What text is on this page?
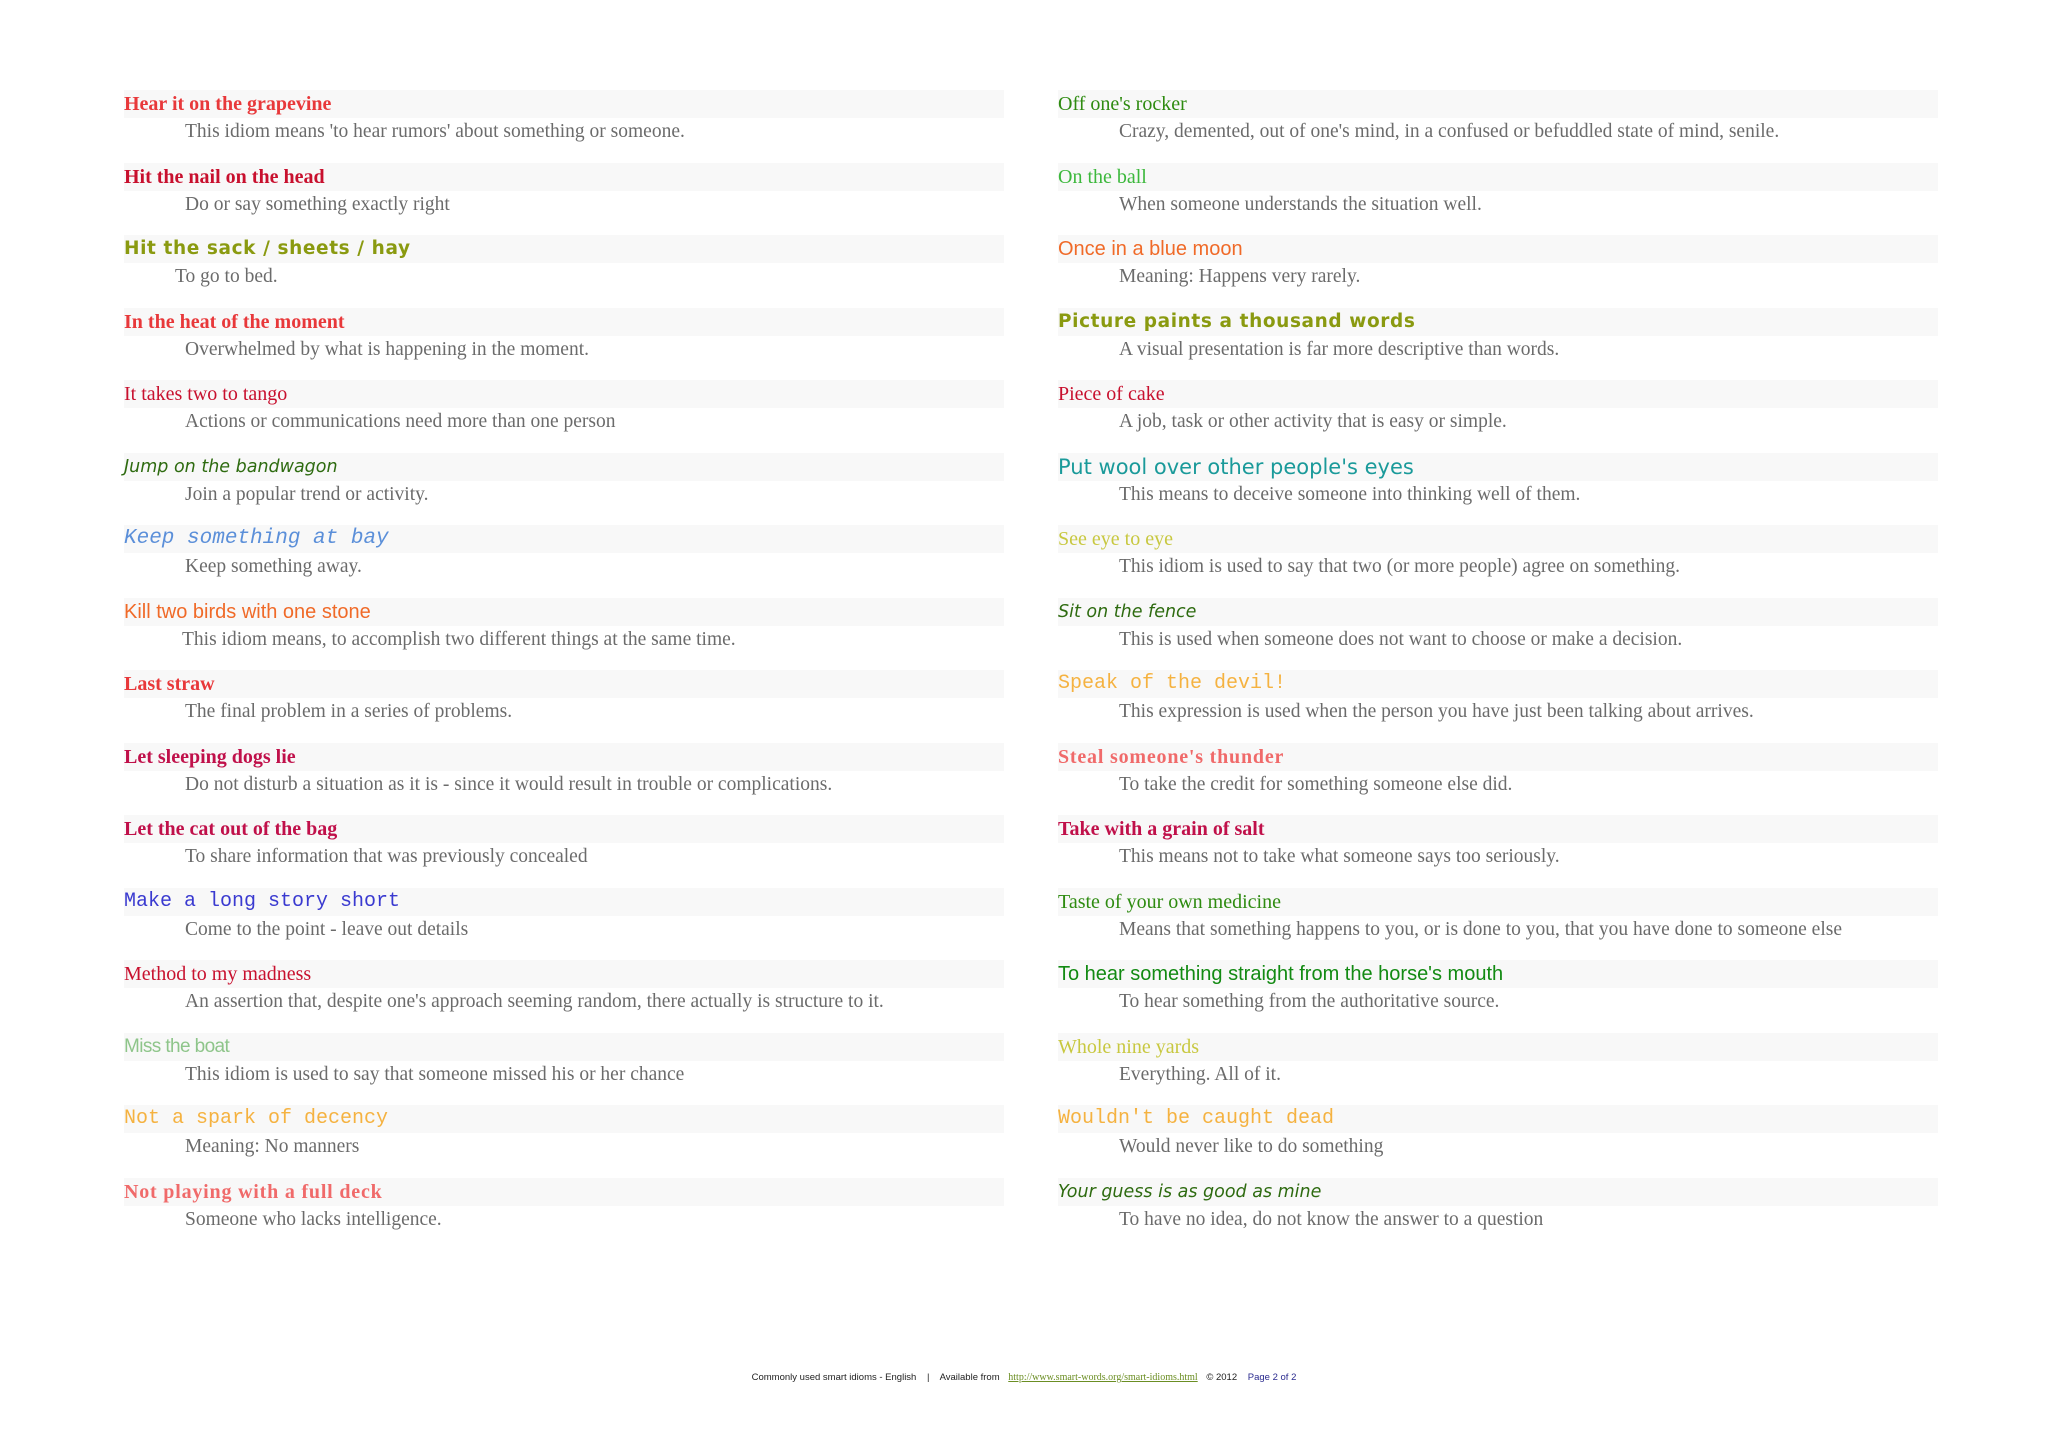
Hear it on the grapevine
This idiom means 'to hear rumors' about something or someone.
Hit the nail on the head
Do or say something exactly right
Hit the sack / sheets / hay
To go to bed.
In the heat of the moment
Overwhelmed by what is happening in the moment.
It takes two to tango
Actions or communications need more than one person
Jump on the bandwagon
Join a popular trend or activity.
Keep something at bay
Keep something away.
Kill two birds with one stone
This idiom means, to accomplish two different things at the same time.
Last straw
The final problem in a series of problems.
Let sleeping dogs lie
Do not disturb a situation as it is - since it would result in trouble or complications.
Let the cat out of the bag
To share information that was previously concealed
Make a long story short
Come to the point - leave out details
Method to my madness
An assertion that, despite one's approach seeming random, there actually is structure to it.
Miss the boat
This idiom is used to say that someone missed his or her chance
Not a spark of decency
Meaning: No manners
Not playing with a full deck
Someone who lacks intelligence.
Off one's rocker
Crazy, demented, out of one's mind, in a confused or befuddled state of mind, senile.
On the ball
When someone understands the situation well.
Once in a blue moon
Meaning: Happens very rarely.
Picture paints a thousand words
A visual presentation is far more descriptive than words.
Piece of cake
A job, task or other activity that is easy or simple.
Put wool over other people's eyes
This means to deceive someone into thinking well of them.
See eye to eye
This idiom is used to say that two (or more people) agree on something.
Sit on the fence
This is used when someone does not want to choose or make a decision.
Speak of the devil!
This expression is used when the person you have just been talking about arrives.
Steal someone's thunder
To take the credit for something someone else did.
Take with a grain of salt
This means not to take what someone says too seriously.
Taste of your own medicine
Means that something happens to you, or is done to you, that you have done to someone else
To hear something straight from the horse's mouth
To hear something from the authoritative source.
Whole nine yards
Everything. All of it.
Wouldn't be caught dead
Would never like to do something
Your guess is as good as mine
To have no idea, do not know the answer to a question
Commonly used smart idioms - English | Available from http://www.smart-words.org/smart-idioms.html © 2012 Page 2 of 2
